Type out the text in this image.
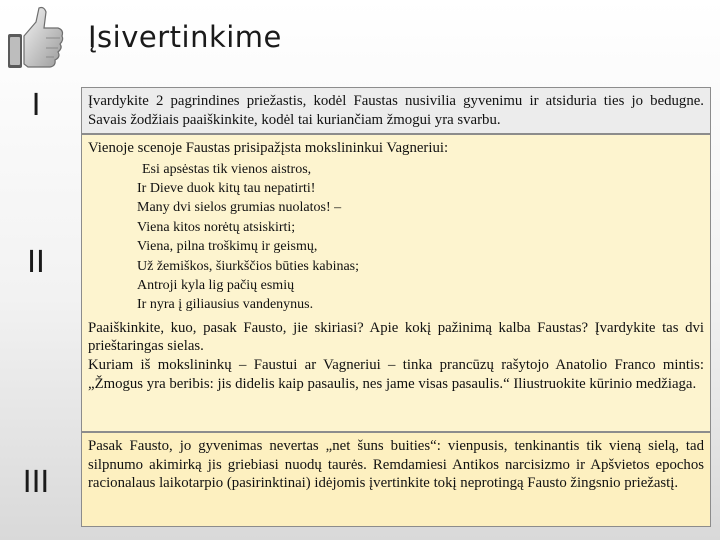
Įsivertinkime
I
II
III

Įvardykite 2 pagrindines priežastis, kodėl Faustas nusivilia gyvenimu ir atsiduria ties jo bedugne. Savais žodžiais paaiškinkite, kodėl tai kuriančiam žmogui yra svarbu.

Vienoje scenoje Faustas prisipažįsta mokslininkui Vagneriui:

Esi apsėstas tik vienos aistros,
Ir Dieve duok kitų tau nepatirti!
Many dvi sielos grumias nuolatos! –
Viena kitos norėtų atsiskirti;
Viena, pilna troškimų ir geismų,
Už žemiškos, šiurkščios būties kabinas;
Antroji kyla lig pačių esmių
Ir nyra į giliausius vandenynus.

Paaiškinkite, kuo, pasak Fausto, jie skiriasi? Apie kokį pažinimą kalba Faustas? Įvardykite tas dvi prieštaringas sielas.

Kuriam iš mokslininkų – Faustui ar Vagneriui – tinka prancūzų rašytojo Anatolio Franco mintis: „Žmogus yra beribis: jis didelis kaip pasaulis, nes jame visas pasaulis.“ Iliustruokite kūrinio medžiaga.

Pasak Fausto, jo gyvenimas nevertas „net šuns buities“: vienpusis, tenkinantis tik vieną sielą, tad silpnumo akimirką jis griebiasi nuodų taurės. Remdamiesi Antikos narcisizmo ir Apšvietos epochos racionalaus laikotarpio (pasirinktinai) idėjomis įvertinkite tokį neprotingą Fausto žingsnio priežastį.
